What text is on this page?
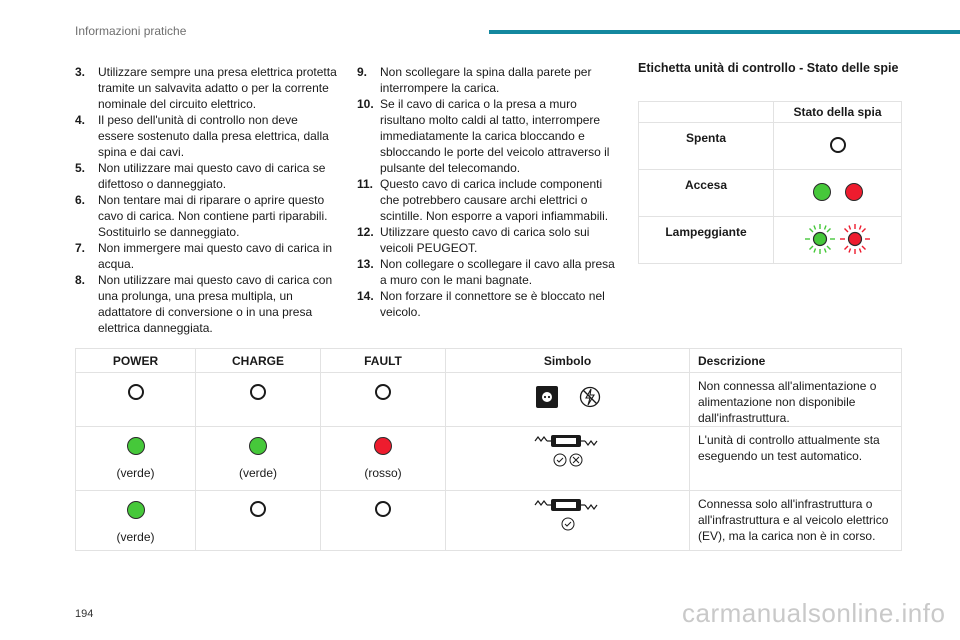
Informazioni pratiche
3.	Utilizzare sempre una presa elettrica protetta tramite un salvavita adatto o per la corrente nominale del circuito elettrico.
4.	Il peso dell'unità di controllo non deve essere sostenuto dalla presa elettrica, dalla spina e dai cavi.
5.	Non utilizzare mai questo cavo di carica se difettoso o danneggiato.
6.	Non tentare mai di riparare o aprire questo cavo di carica. Non contiene parti riparabili. Sostituirlo se danneggiato.
7.	Non immergere mai questo cavo di carica in acqua.
8.	Non utilizzare mai questo cavo di carica con una prolunga, una presa multipla, un adattatore di conversione o in una presa elettrica danneggiata.
9.	Non scollegare la spina dalla parete per interrompere la carica.
10. Se il cavo di carica o la presa a muro risultano molto caldi al tatto, interrompere immediatamente la carica bloccando e sbloccando le porte del veicolo attraverso il pulsante del telecomando.
11. Questo cavo di carica include componenti che potrebbero causare archi elettrici o scintille. Non esporre a vapori infiammabili.
12. Utilizzare questo cavo di carica solo sui veicoli PEUGEOT.
13. Non collegare o scollegare il cavo alla presa a muro con le mani bagnate.
14. Non forzare il connettore se è bloccato nel veicolo.
Etichetta unità di controllo - Stato delle spie
	Stato della spia
Spenta	
Accesa	
Lampeggiante	
POWER	CHARGE	FAULT	Simbolo	Descrizione
				Non connessa all'alimentazione o alimentazione non disponibile dall'infrastruttura.

(verde)	(verde)	(rosso)		L'unità di controllo attualmente sta eseguendo un test automatico.

(verde)				Connessa solo all'infrastruttura o all'infrastruttura e al veicolo elettrico (EV), ma la carica non è in corso.
194	carmanualsonline.info
